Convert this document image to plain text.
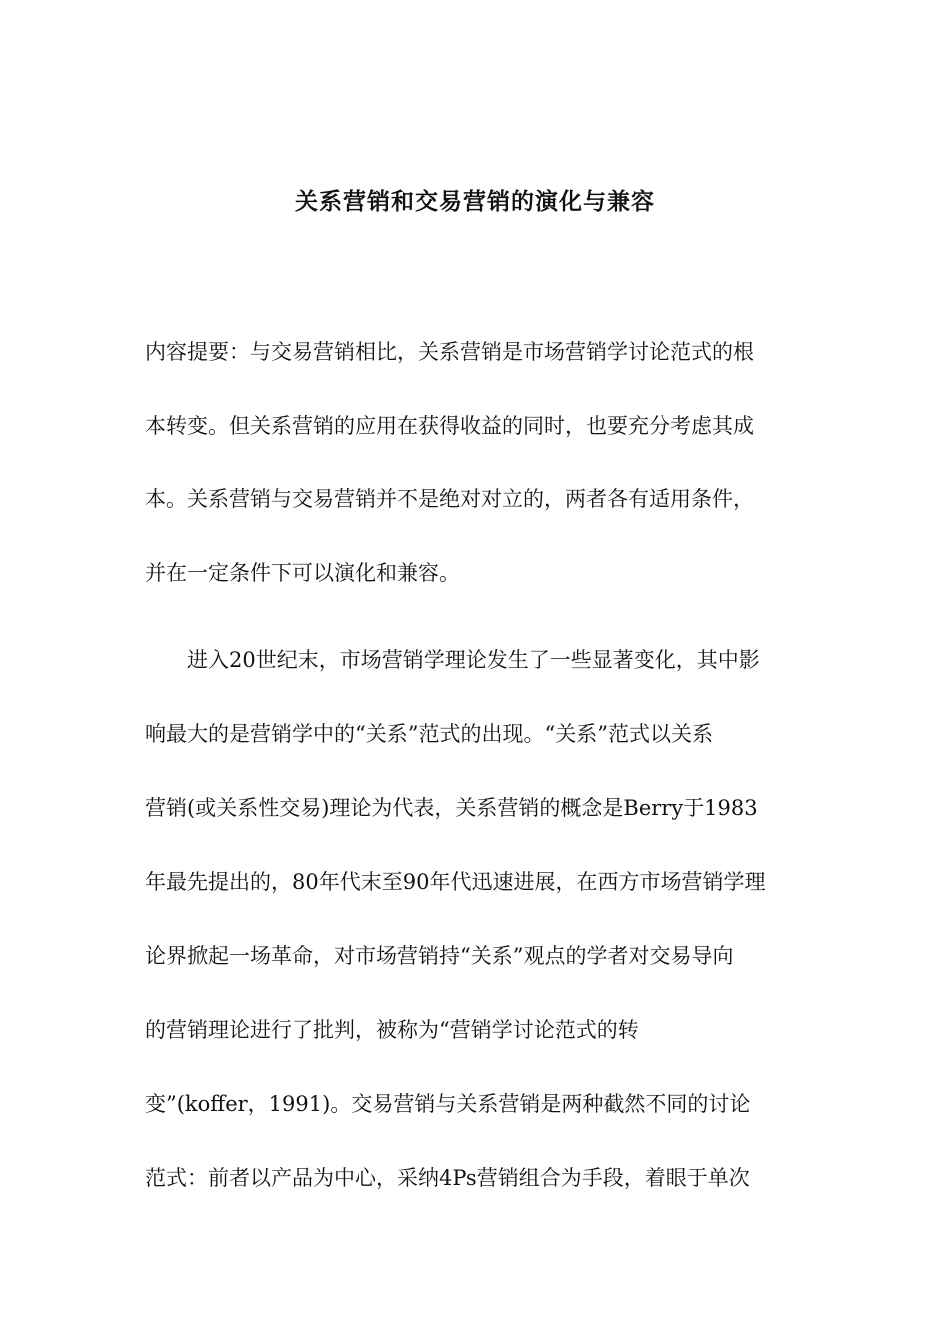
关系营销和交易营销的演化与兼容
内容提要：与交易营销相比，关系营销是市场营销学讨论范式的根
本转变。但关系营销的应用在获得收益的同时，也要充分考虑其成
本。关系营销与交易营销并不是绝对对立的，两者各有适用条件，
并在一定条件下可以演化和兼容。
　　进入20世纪末，市场营销学理论发生了一些显著变化，其中影
响最大的是营销学中的“关系”范式的出现。“关系”范式以关系
营销(或关系性交易)理论为代表，关系营销的概念是Berry于1983
年最先提出的，80年代末至90年代迅速进展，在西方市场营销学理
论界掀起一场革命，对市场营销持“关系”观点的学者对交易导向
的营销理论进行了批判，被称为“营销学讨论范式的转
变”(koffer，1991)。交易营销与关系营销是两种截然不同的讨论
范式：前者以产品为中心，采纳4Ps营销组合为手段，着眼于单次
